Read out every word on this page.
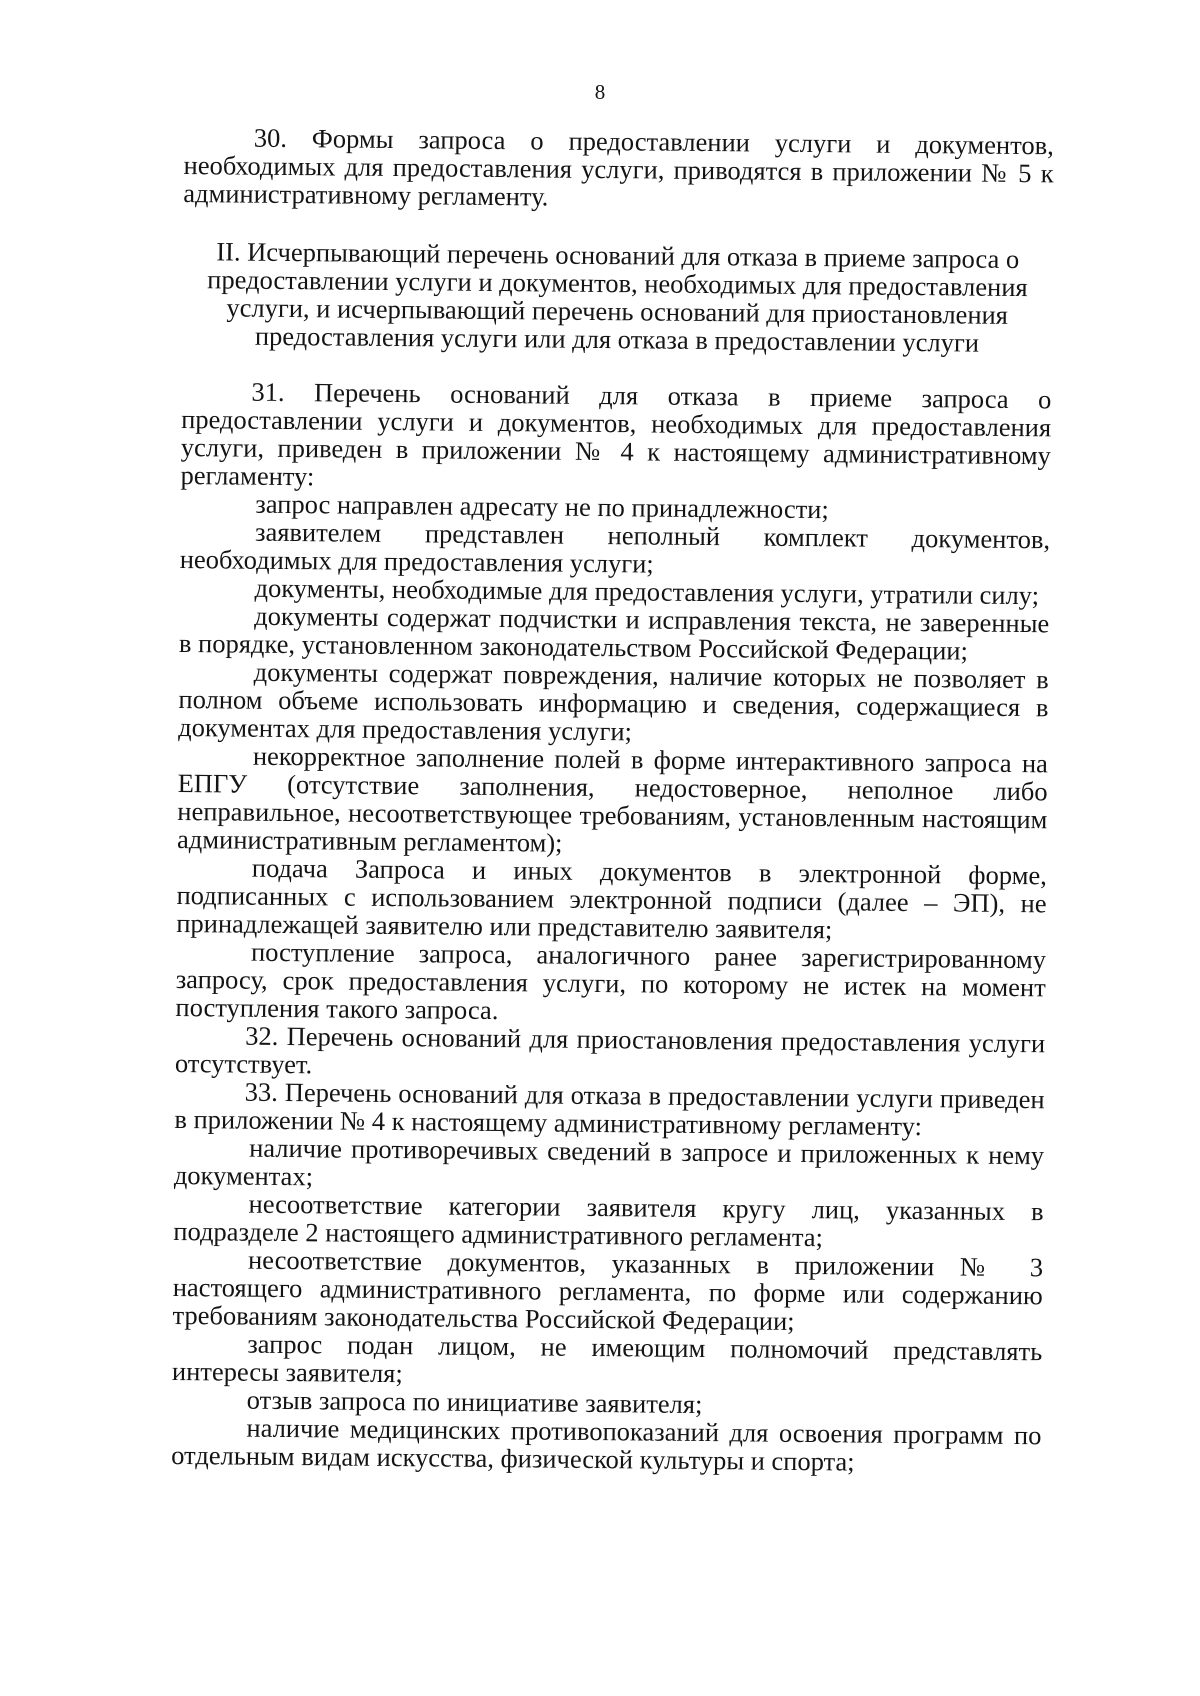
8

30. Формы запроса о предоставлении услуги и документов, необходимых для предоставления услуги, приводятся в приложении № 5 к административному регламенту.

II. Исчерпывающий перечень оснований для отказа в приеме запроса о предоставлении услуги и документов, необходимых для предоставления услуги, и исчерпывающий перечень оснований для приостановления предоставления услуги или для отказа в предоставлении услуги

31. Перечень оснований для отказа в приеме запроса о предоставлении услуги и документов, необходимых для предоставления услуги, приведен в приложении № 4 к настоящему административному регламенту:

запрос направлен адресату не по принадлежности;

заявителем представлен неполный комплект документов, необходимых для предоставления услуги;

документы, необходимые для предоставления услуги, утратили силу;

документы содержат подчистки и исправления текста, не заверенные в порядке, установленном законодательством Российской Федерации;

документы содержат повреждения, наличие которых не позволяет в полном объеме использовать информацию и сведения, содержащиеся в документах для предоставления услуги;

некорректное заполнение полей в форме интерактивного запроса на ЕПГУ (отсутствие заполнения, недостоверное, неполное либо неправильное, несоответствующее требованиям, установленным настоящим административным регламентом);

подача Запроса и иных документов в электронной форме, подписанных с использованием электронной подписи (далее – ЭП), не принадлежащей заявителю или представителю заявителя;

поступление запроса, аналогичного ранее зарегистрированному запросу, срок предоставления услуги, по которому не истек на момент поступления такого запроса.

32. Перечень оснований для приостановления предоставления услуги отсутствует.

33. Перечень оснований для отказа в предоставлении услуги приведен в приложении № 4 к настоящему административному регламенту:

наличие противоречивых сведений в запросе и приложенных к нему документах;

несоответствие категории заявителя кругу лиц, указанных в подразделе 2 настоящего административного регламента;

несоответствие документов, указанных в приложении № 3 настоящего административного регламента, по форме или содержанию требованиям законодательства Российской Федерации;

запрос подан лицом, не имеющим полномочий представлять интересы заявителя;

отзыв запроса по инициативе заявителя;

наличие медицинских противопоказаний для освоения программ по отдельным видам искусства, физической культуры и спорта;
